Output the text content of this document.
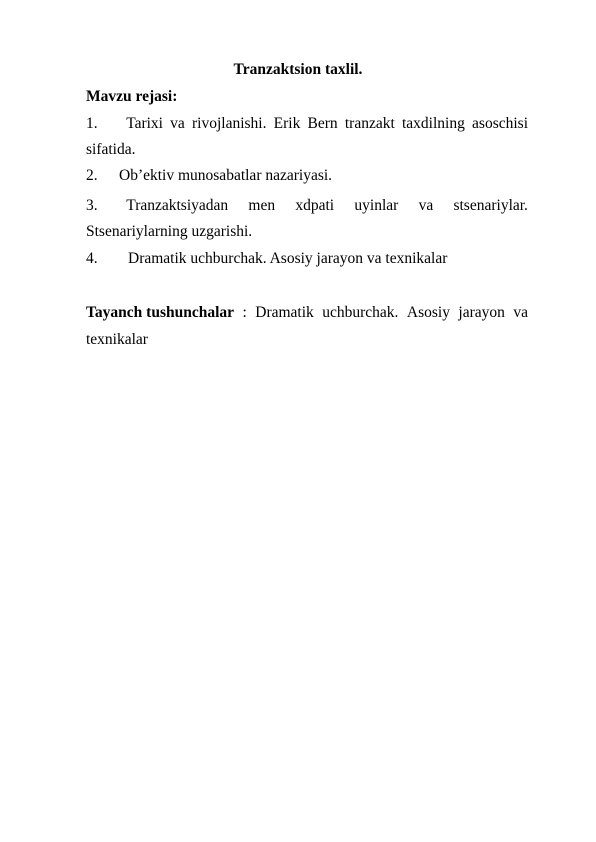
Tranzaktsion taxlil.
Mavzu rejasi:
1.	Tarixi va rivojlanishi. Erik Bern tranzakt taxdilning asoschisi
sifatida.
2. Ob’ektiv munosabatlar nazariyasi.
3.	Tranzaktsiyadan men xdpati uyinlar va stsenariylar.
Stsenariylarning uzgarishi.
4. Dramatik uchburchak. Asosiy jarayon va texnikalar
Tayanch tushunchalar : Dramatik uchburchak. Asosiy jarayon va
texnikalar
